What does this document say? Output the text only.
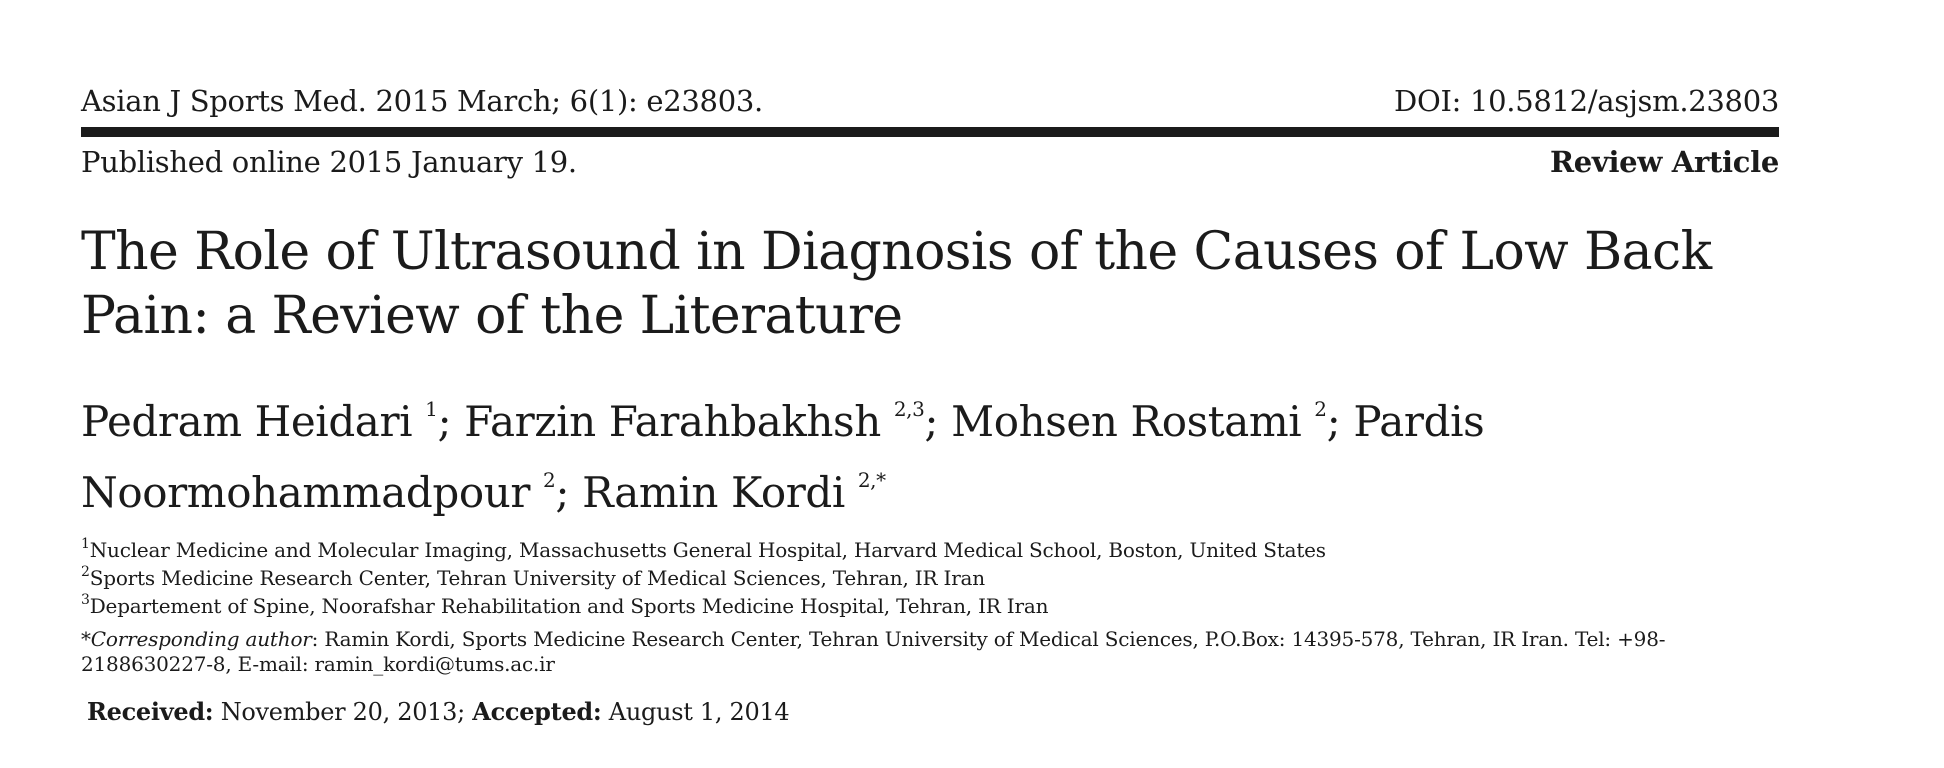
Asian J Sports Med. 2015 March; 6(1): e23803.	DOI: 10.5812/asjsm.23803
Published online 2015 January 19.	Review Article
The Role of Ultrasound in Diagnosis of the Causes of Low Back Pain: a Review of the Literature

Pedram Heidari $^1$; Farzin Farahbakhsh $^{2,3}$; Mohsen Rostami $^2$; Pardis Noormohammadpour $^2$; Ramin Kordi $^{2,*}$

$^1$Nuclear Medicine and Molecular Imaging, Massachusetts General Hospital, Harvard Medical School, Boston, United States
$^2$Sports Medicine Research Center, Tehran University of Medical Sciences, Tehran, IR Iran
$^3$Departement of Spine, Noorafshar Rehabilitation and Sports Medicine Hospital, Tehran, IR Iran
*Corresponding author: Ramin Kordi, Sports Medicine Research Center, Tehran University of Medical Sciences, P.O.Box: 14395-578, Tehran, IR Iran. Tel: +98-2188630227-8, E-mail: ramin_kordi@tums.ac.ir
Received: November 20, 2013; Accepted: August 1, 2014
